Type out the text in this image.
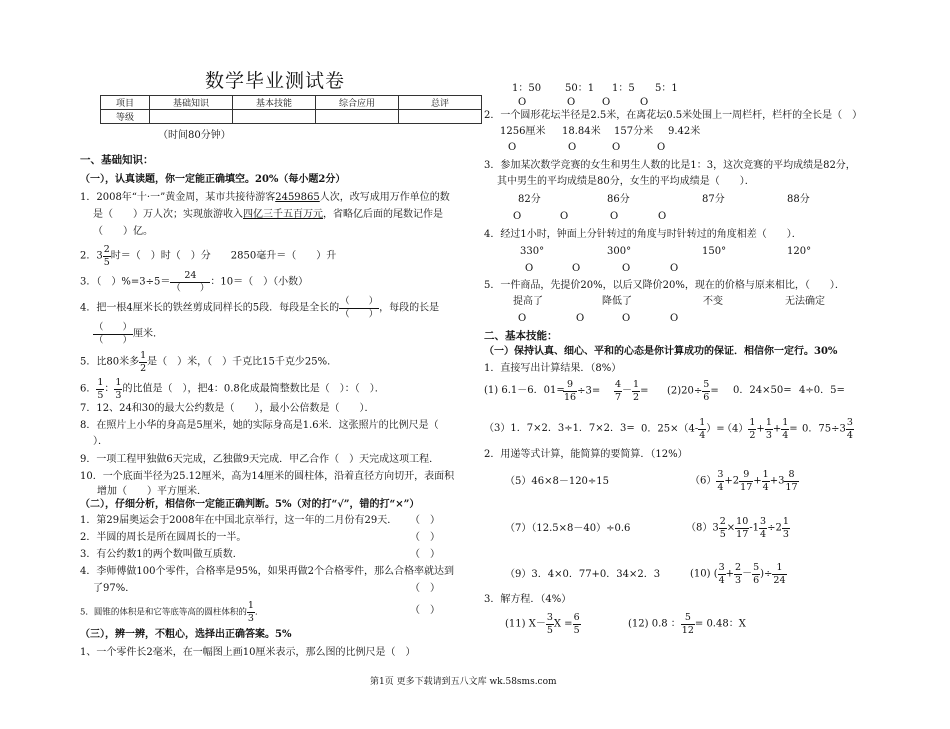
数学毕业测试卷
项目	基础知识	基本技能	综合应用	总评
等级				
（时间80分钟）
一、基础知识：
（一），认真读题，你一定能正确填空。20%（每小题2分）
1．2008年“十·一”黄金周，某市共接待游客2459865人次，改写成用万作单位的数
是（　　）万人次；实现旅游收入四亿三千五百万元，省略亿后面的尾数记作是
（　　）亿。
2．$3 \frac{2}{5}$ 时＝（　）时（　）分　　2850毫升＝（　　）升
3．（　）$\%=3\div 5= \frac{24}{( )}$ ：10＝（　）（小数）
4．把一根4厘米长的铁丝剪成同样长的5段．每段是全长的 $\frac{( )}{( )}$ ，每段的长是
$\frac{( )}{( )}$ 厘米．
5．比80米多 $\frac{1}{2}$ 是（　）米，（　）千克比15千克少25%．
6． $\frac{1}{5}$ ： $\frac{1}{3}$ 的比值是（　），把4：0.8化成最简整数比是（　）：（　）．
7．12、24和30的最大公约数是（　　），最小公倍数是（　　）．
8．在照片上小华的身高是5厘米，她的实际身高是1.6米．这张照片的比例尺是（
）．
9．一项工程甲独做6天完成，乙独做9天完成．甲乙合作（　）天完成这项工程．
10．一个底面半径为25.12厘米，高为14厘米的圆柱体，沿着直径方向切开，表面积
增加（　　）平方厘米．
（二），仔细分析，相信你一定能正确判断。5%（对的打“√”，错的打“×”）
1．第29届奥运会于2008年在中国北京举行，这一年的二月份有29天． （　）
2．半圆的周长是所在圆周长的一半。	（　）
3．有公约数1的两个数叫做互质数．	（　）
4．李师傅做100个零件，合格率是95%，如果再做2个合格零件，那么合格率就达到
了97%．	（　）
5．圆锥的体积是和它等底等高的圆柱体积的 $\frac{1}{3}$ ．	（　）
（三），辨一辨，不粗心，选择出正确答案。5%
1、一个零件长2毫米，在一幅图上画10厘米表示，那么图的比例尺是（　）
1：50 50：1 1：5 5：1
O	O	O	O
2．一个圆形花坛半径是2.5米，在离花坛0.5米处围上一周栏杆，栏杆的全长是（　）
1256厘米 18.84米 157分米 9.42米
O	O	O	O
3．参加某次数学竞赛的女生和男生人数的比是1：3，这次竞赛的平均成绩是82分，
其中男生的平均成绩是80分，女生的平均成绩是（　　）．
82分	86分	87分	88分
O	O	O	O
4．经过1小时，钟面上分针转过的角度与时针转过的角度相差（　　）．
330°	300°	150°	120°
O	O	O	O
5．一件商品，先提价20%，以后又降价20%，现在的价格与原来相比，（　　）．
提高了	降低了	不变	无法确定
O	O	O	O
二、基本技能：
（一）保持认真、细心、平和的心态是你计算成功的保证．相信你一定行。30%
1．直接写出计算结果．（8%）
(1) 6.1－6．01=
$\frac{9}{16} \div 3= \frac{4}{7} - \frac{1}{2} = (2)20\div \frac{5}{6} = 0$．24×50= 4÷0．5=
（3）1．7×2．3÷1．7×2．3= 0．$25\times(4- \frac{1}{4}$ ）=
$(4) \frac{1}{2} + \frac{1}{3} + \frac{1}{4} = 0$．$75\div 3 \frac{3}{4}$
2．用递等式计算，能简算的要简算．（12%）
（5）46×8－120÷15	$(6) \frac{3}{4} +2 \frac{9}{17} + \frac{1}{4} +3 \frac{8}{17}$
（7）（12.5×8－40）÷0.6	$(8)3 \frac{2}{5} \times \frac{10}{17} -1 \frac{3}{4} \div 2 \frac{1}{3}$
（9）3．4×0．77+0．34×2．3	(10) ( $\frac{3}{4} + \frac{2}{3} - \frac{5}{6}$ )÷ $\frac{1}{24}$
3．解方程．（4%）
(11) $X- \frac{3}{5}$ $X = \frac{6}{5}$	(12) 0.8 ： $\frac{5}{12} = 0.48$：X
第1页 更多下载请到五八文库 wk.58sms.com
